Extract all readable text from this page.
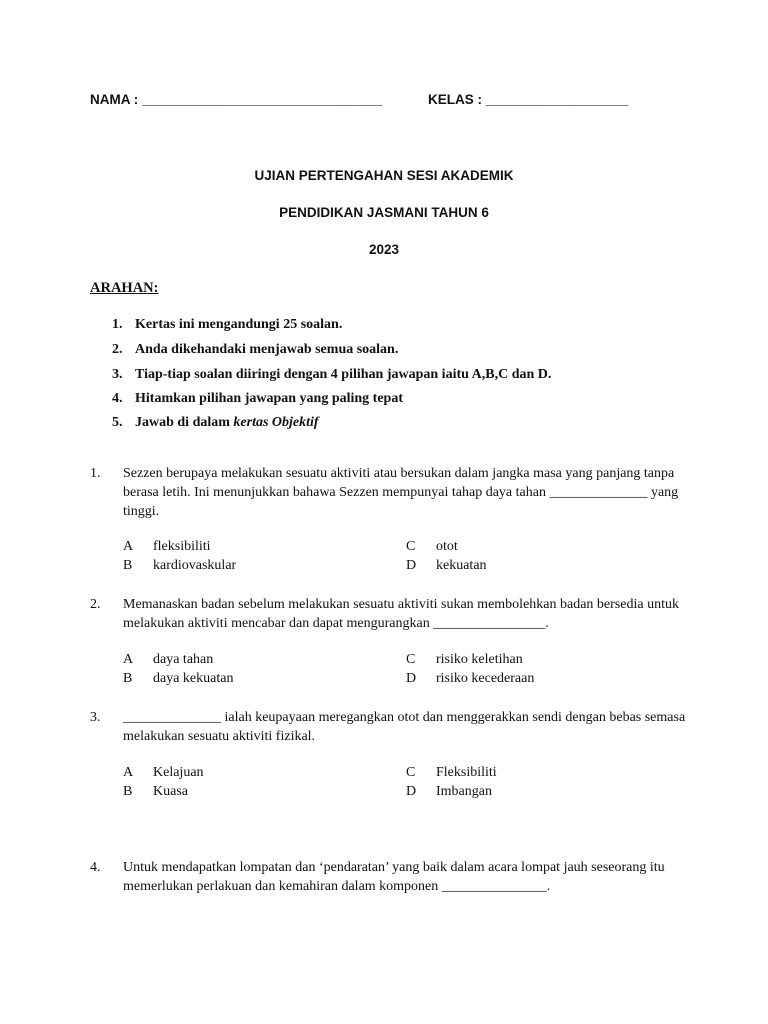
NAMA : ________________________________	KELAS : ___________________
UJIAN PERTENGAHAN SESI AKADEMIK
PENDIDIKAN JASMANI TAHUN 6
2023
ARAHAN:
1. Kertas ini mengandungi 25 soalan.
2. Anda dikehandaki menjawab semua soalan.
3. Tiap-tiap soalan diiringi dengan 4 pilihan jawapan iaitu A,B,C dan D.
4. Hitamkan pilihan jawapan yang paling tepat
5. Jawab di dalam kertas Objektif
1. Sezzen berupaya melakukan sesuatu aktiviti atau bersukan dalam jangka masa yang panjang tanpa
berasa letih. Ini menunjukkan bahawa Sezzen mempunyai tahap daya tahan ______________ yang
tinggi.
A fleksibiliti
B kardiovaskular
C otot
D kekuatan
2. Memanaskan badan sebelum melakukan sesuatu aktiviti sukan membolehkan badan bersedia untuk
melakukan aktiviti mencabar dan dapat mengurangkan ________________.
A daya tahan
B daya kekuatan
C risiko keletihan
D risiko kecederaan
3. ______________ ialah keupayaan meregangkan otot dan menggerakkan sendi dengan bebas semasa
melakukan sesuatu aktiviti fizikal.
A Kelajuan
B Kuasa
C Fleksibiliti
D Imbangan
4. Untuk mendapatkan lompatan dan ‘pendaratan’ yang baik dalam acara lompat jauh seseorang itu
memerlukan perlakuan dan kemahiran dalam komponen _______________.
